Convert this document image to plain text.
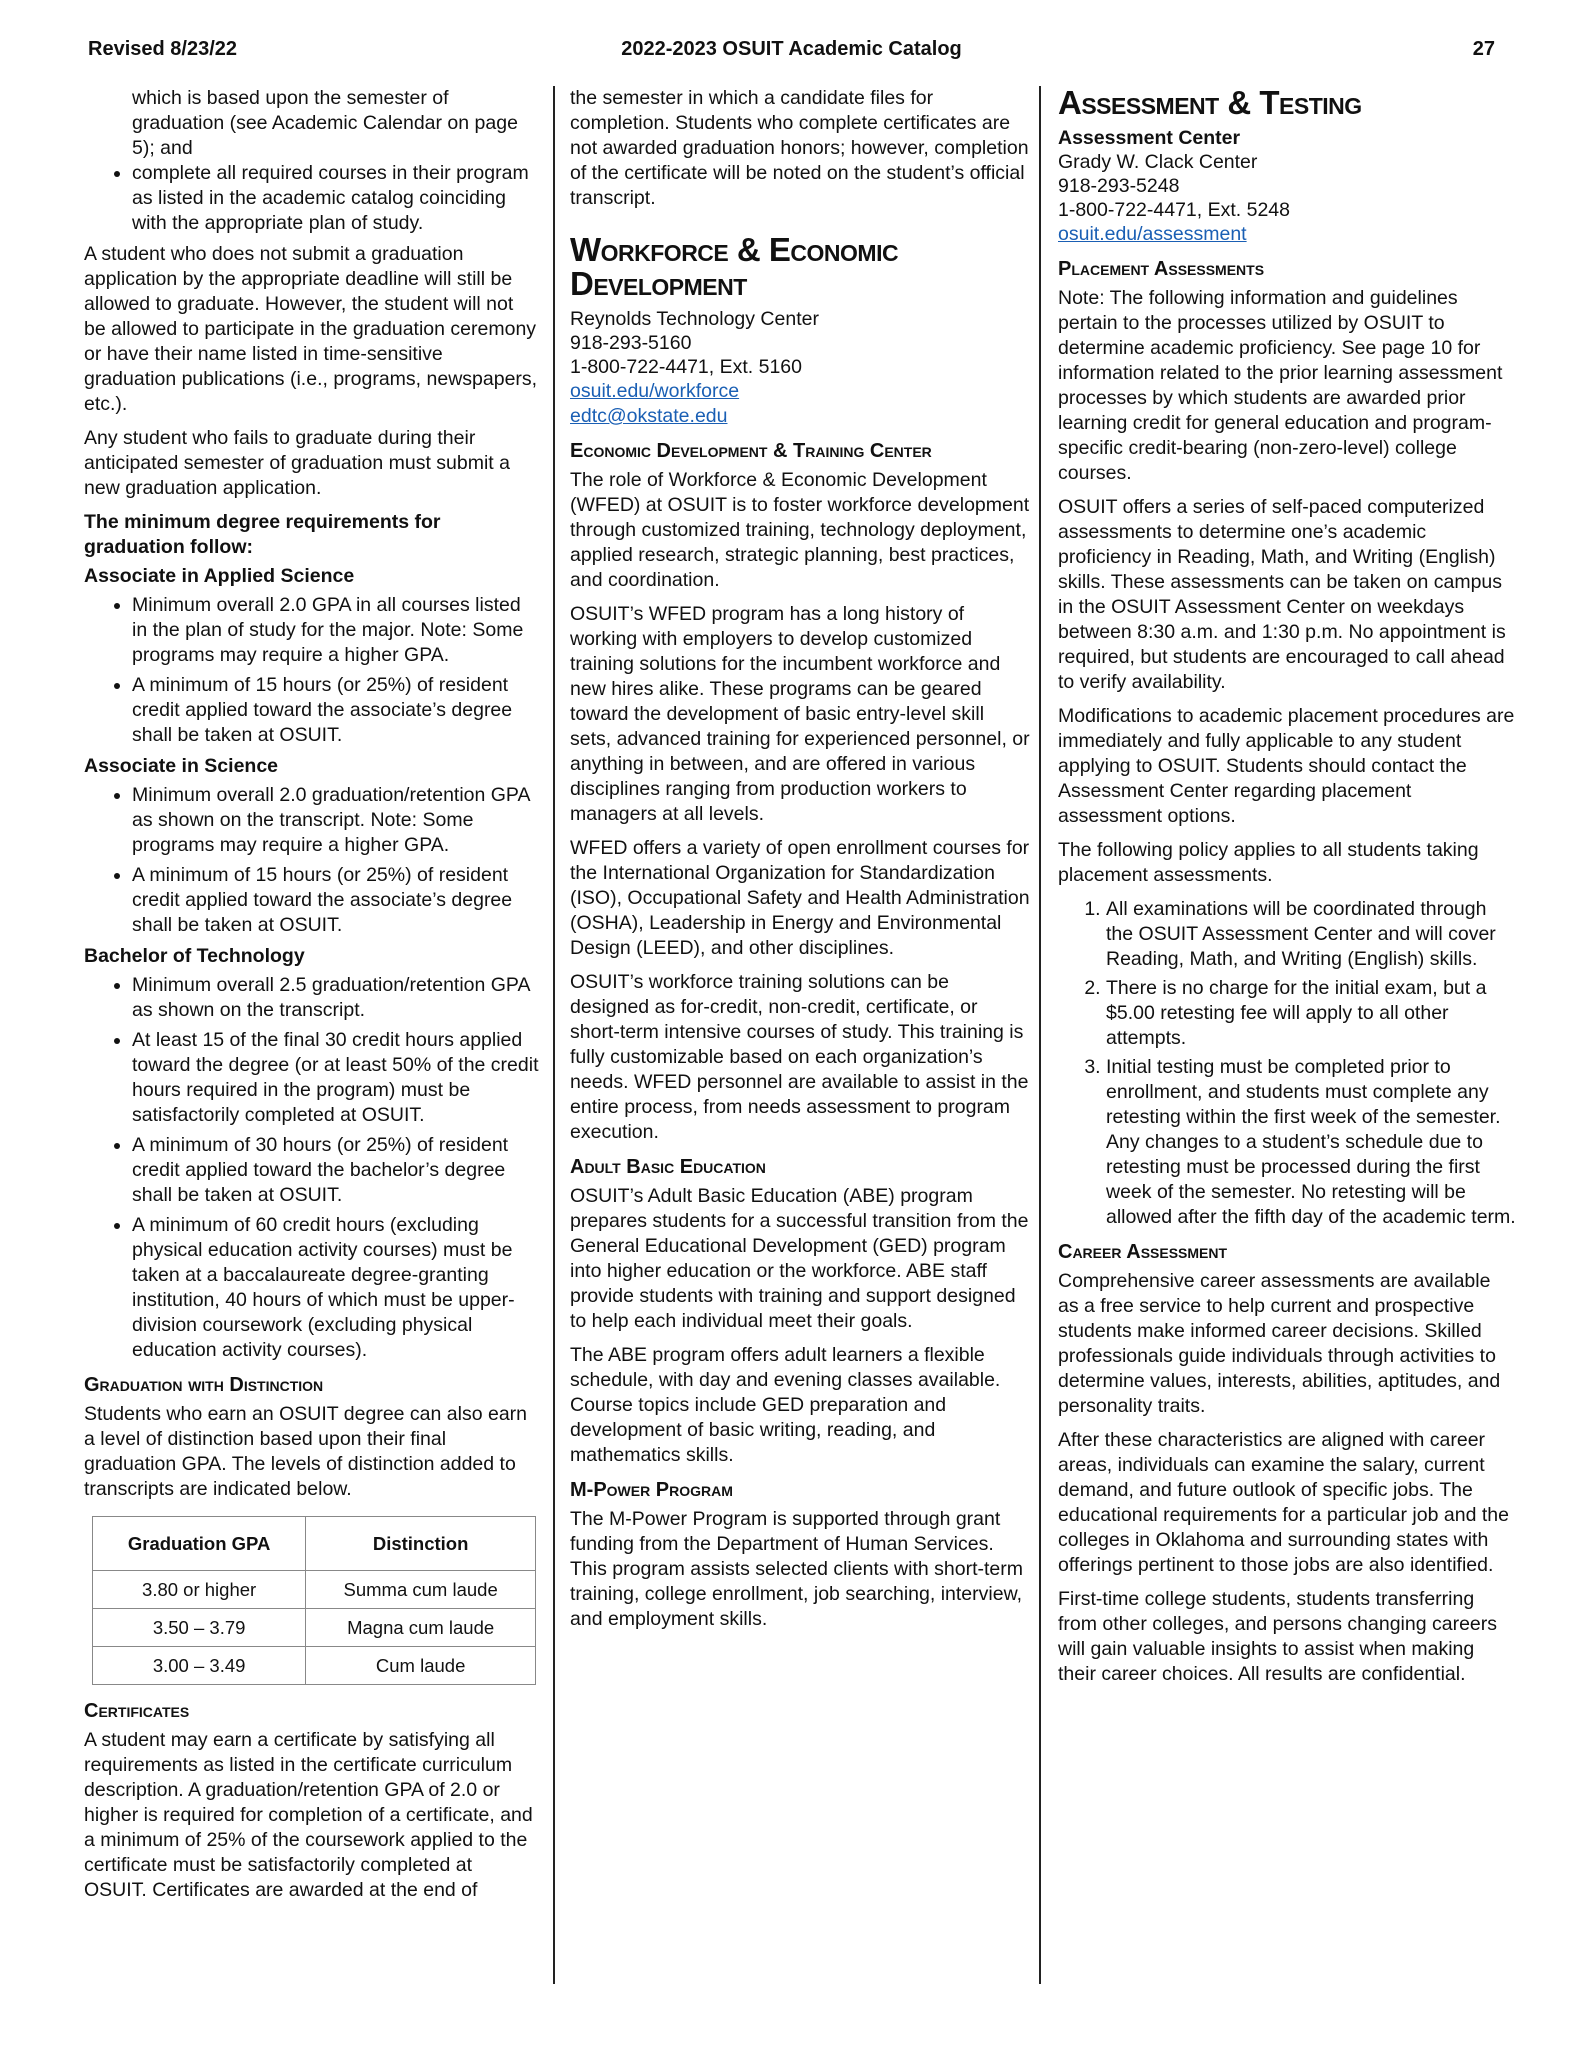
Revised 8/23/22	2022-2023 OSUIT Academic Catalog	27
which is based upon the semester of graduation (see Academic Calendar on page 5); and
• complete all required courses in their program as listed in the academic catalog coinciding with the appropriate plan of study.

A student who does not submit a graduation application by the appropriate deadline will still be allowed to graduate. However, the student will not be allowed to participate in the graduation ceremony or have their name listed in time-sensitive graduation publications (i.e., programs, newspapers, etc.).

Any student who fails to graduate during their anticipated semester of graduation must submit a new graduation application.

The minimum degree requirements for graduation follow:
Associate in Applied Science
• Minimum overall 2.0 GPA in all courses listed in the plan of study for the major. Note: Some programs may require a higher GPA.
• A minimum of 15 hours (or 25%) of resident credit applied toward the associate’s degree shall be taken at OSUIT.
Associate in Science
• Minimum overall 2.0 graduation/retention GPA as shown on the transcript. Note: Some programs may require a higher GPA.
• A minimum of 15 hours (or 25%) of resident credit applied toward the associate’s degree shall be taken at OSUIT.
Bachelor of Technology
• Minimum overall 2.5 graduation/retention GPA as shown on the transcript.
• At least 15 of the final 30 credit hours applied toward the degree (or at least 50% of the credit hours required in the program) must be satisfactorily completed at OSUIT.
• A minimum of 30 hours (or 25%) of resident credit applied toward the bachelor’s degree shall be taken at OSUIT.
• A minimum of 60 credit hours (excluding physical education activity courses) must be taken at a baccalaureate degree-granting institution, 40 hours of which must be upper-division coursework (excluding physical education activity courses).
Graduation with Distinction

Students who earn an OSUIT degree can also earn a level of distinction based upon their final graduation GPA. The levels of distinction added to transcripts are indicated below.

Graduation GPA	Distinction
3.80 or higher	Summa cum laude
3.50 – 3.79	Magna cum laude
3.00 – 3.49	Cum laude
Certificates

A student may earn a certificate by satisfying all requirements as listed in the certificate curriculum description. A graduation/retention GPA of 2.0 or higher is required for completion of a certificate, and a minimum of 25% of the coursework applied to the certificate must be satisfactorily completed at OSUIT. Certificates are awarded at the end of

the semester in which a candidate files for completion. Students who complete certificates are not awarded graduation honors; however, completion of the certificate will be noted on the student’s official transcript.

Workforce & Economic
Development
Reynolds Technology Center
918-293-5160
1-800-722-4471, Ext. 5160
osuit.edu/workforce
edtc@okstate.edu
Economic Development & Training Center

The role of Workforce & Economic Development (WFED) at OSUIT is to foster workforce development through customized training, technology deployment, applied research, strategic planning, best practices, and coordination.

OSUIT’s WFED program has a long history of working with employers to develop customized training solutions for the incumbent workforce and new hires alike. These programs can be geared toward the development of basic entry-level skill sets, advanced training for experienced personnel, or anything in between, and are offered in various disciplines ranging from production workers to managers at all levels.

WFED offers a variety of open enrollment courses for the International Organization for Standardization (ISO), Occupational Safety and Health Administration (OSHA), Leadership in Energy and Environmental Design (LEED), and other disciplines.

OSUIT’s workforce training solutions can be designed as for-credit, non-credit, certificate, or short-term intensive courses of study. This training is fully customizable based on each organization’s needs. WFED personnel are available to assist in the entire process, from needs assessment to program execution.

Adult Basic Education

OSUIT’s Adult Basic Education (ABE) program prepares students for a successful transition from the General Educational Development (GED) program into higher education or the workforce. ABE staff provide students with training and support designed to help each individual meet their goals.

The ABE program offers adult learners a flexible schedule, with day and evening classes available. Course topics include GED preparation and development of basic writing, reading, and mathematics skills.

M-Power Program

The M-Power Program is supported through grant funding from the Department of Human Services. This program assists selected clients with short-term training, college enrollment, job searching, interview, and employment skills.

Assessment & Testing
Assessment Center
Grady W. Clack Center
918-293-5248
1-800-722-4471, Ext. 5248
osuit.edu/assessment
Placement Assessments

Note: The following information and guidelines pertain to the processes utilized by OSUIT to determine academic proficiency. See page 10 for information related to the prior learning assessment processes by which students are awarded prior learning credit for general education and program-specific credit-bearing (non-zero-level) college courses.

OSUIT offers a series of self-paced computerized assessments to determine one’s academic proficiency in Reading, Math, and Writing (English) skills. These assessments can be taken on campus in the OSUIT Assessment Center on weekdays between 8:30 a.m. and 1:30 p.m. No appointment is required, but students are encouraged to call ahead to verify availability.

Modifications to academic placement procedures are immediately and fully applicable to any student applying to OSUIT. Students should contact the Assessment Center regarding placement assessment options.

The following policy applies to all students taking placement assessments.

1. All examinations will be coordinated through the OSUIT Assessment Center and will cover Reading, Math, and Writing (English) skills.
2. There is no charge for the initial exam, but a $5.00 retesting fee will apply to all other attempts.
3. Initial testing must be completed prior to enrollment, and students must complete any retesting within the first week of the semester. Any changes to a student’s schedule due to retesting must be processed during the first week of the semester. No retesting will be allowed after the fifth day of the academic term.
Career Assessment

Comprehensive career assessments are available as a free service to help current and prospective students make informed career decisions. Skilled professionals guide individuals through activities to determine values, interests, abilities, aptitudes, and personality traits.

After these characteristics are aligned with career areas, individuals can examine the salary, current demand, and future outlook of specific jobs. The educational requirements for a particular job and the colleges in Oklahoma and surrounding states with offerings pertinent to those jobs are also identified.

First-time college students, students transferring from other colleges, and persons changing careers will gain valuable insights to assist when making their career choices. All results are confidential.
